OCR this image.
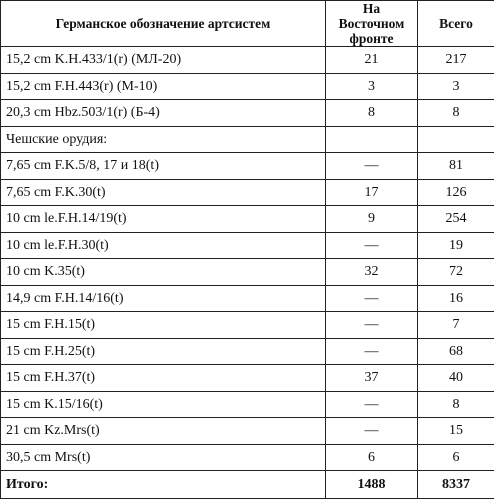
Германское обозначение артсистем	На Восточном фронте	Всего
15,2 cm K.H.433/1(r) (МЛ-20)	21	217
15,2 cm F.H.443(r) (М-10)	3	3
20,3 cm Hbz.503/1(r) (Б-4)	8	8
Чешские орудия:		
7,65 cm F.K.5/8, 17 и 18(t)	—	81
7,65 cm F.K.30(t)	17	126
10 cm le.F.H.14/19(t)	9	254
10 cm le.F.H.30(t)	—	19
10 cm K.35(t)	32	72
14,9 cm F.H.14/16(t)	—	16
15 cm F.H.15(t)	—	7
15 cm F.H.25(t)	—	68
15 cm F.H.37(t)	37	40
15 cm K.15/16(t)	—	8
21 cm Kz.Mrs(t)	—	15
30,5 cm Mrs(t)	6	6
Итого:	1488	8337
